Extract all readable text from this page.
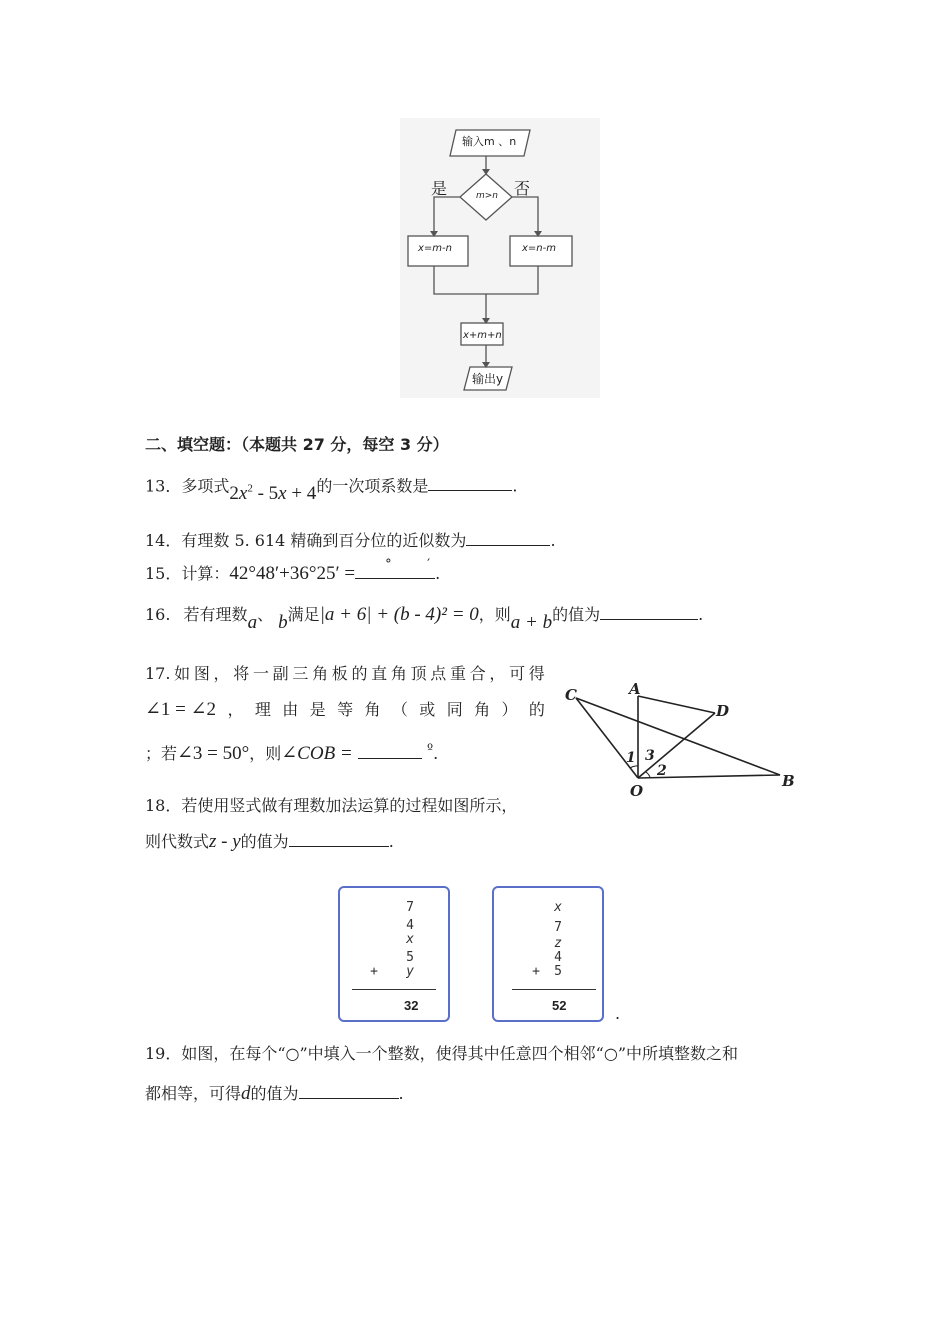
输入m 、n
m>n
是	否
x=m-n	x=n-m
x+m+n
输出y
二、填空题：（本题共 27 分，每空 3 分）
13．多项式$2x^2 - 5x + 4$的一次项系数是	.
14．有理数 5. 614 精确到百分位的近似数为	.
15．计算：42°48′+36°25′ = °	′ .
16. 若有理数a、 b满足|a + 6| + (b - 4)² = 0，则a + b的值为	.
17. 如 图 ， 将 一 副 三 角 板 的 直 角 顶 点 重 合 ， 可 得
∠1 = ∠2 ， 理 由 是 等 角 （ 或 同 角 ） 的
；若∠3 = 50°，则∠COB =	$^º$.
C	A
D
O
B
1 3
2
18．若使用竖式做有理数加法运算的过程如图所示，
则代数式z - y的值为	.
7
4
x
5
y
+
32
x
7
z
4
5
+
52	.
19．如图，在每个“○”中填入一个整数，使得其中任意四个相邻“○”中所填整数之和
都相等，可得d的值为	.
